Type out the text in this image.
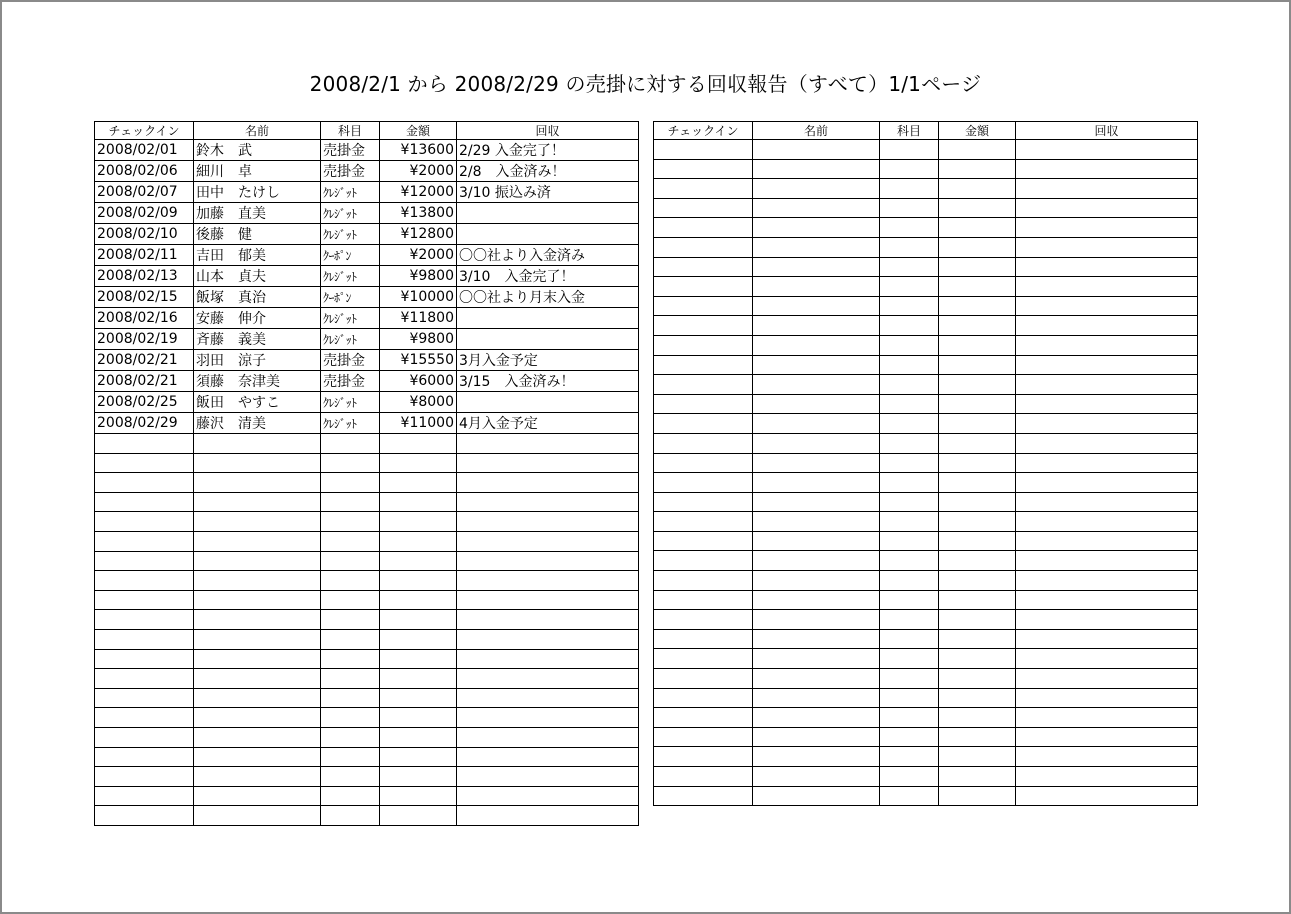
2008/2/1 から 2008/2/29 の売掛に対する回収報告（すべて）1/1ページ
チェックイン	名前	科目	金額	回収
2008/02/01	鈴木　武	売掛金	¥13600	2/29 入金完了！
2008/02/06	細川　卓	売掛金	¥2000	2/8　入金済み！
2008/02/07	田中　たけし	ｸﾚｼﾞｯﾄ	¥12000	3/10 振込み済
2008/02/09	加藤　直美	ｸﾚｼﾞｯﾄ	¥13800	
2008/02/10	後藤　健	ｸﾚｼﾞｯﾄ	¥12800	
2008/02/11	吉田　郁美	ｸｰﾎﾟﾝ	¥2000	〇〇社より入金済み
2008/02/13	山本　貞夫	ｸﾚｼﾞｯﾄ	¥9800	3/10　入金完了！
2008/02/15	飯塚　真治	ｸｰﾎﾟﾝ	¥10000	〇〇社より月末入金
2008/02/16	安藤　伸介	ｸﾚｼﾞｯﾄ	¥11800	
2008/02/19	斉藤　義美	ｸﾚｼﾞｯﾄ	¥9800	
2008/02/21	羽田　涼子	売掛金	¥15550	3月入金予定
2008/02/21	須藤　奈津美	売掛金	¥6000	3/15　入金済み！
2008/02/25	飯田　やすこ	ｸﾚｼﾞｯﾄ	¥8000	
2008/02/29	藤沢　清美	ｸﾚｼﾞｯﾄ	¥11000	4月入金予定

チェックイン	名前	科目	金額	回収
